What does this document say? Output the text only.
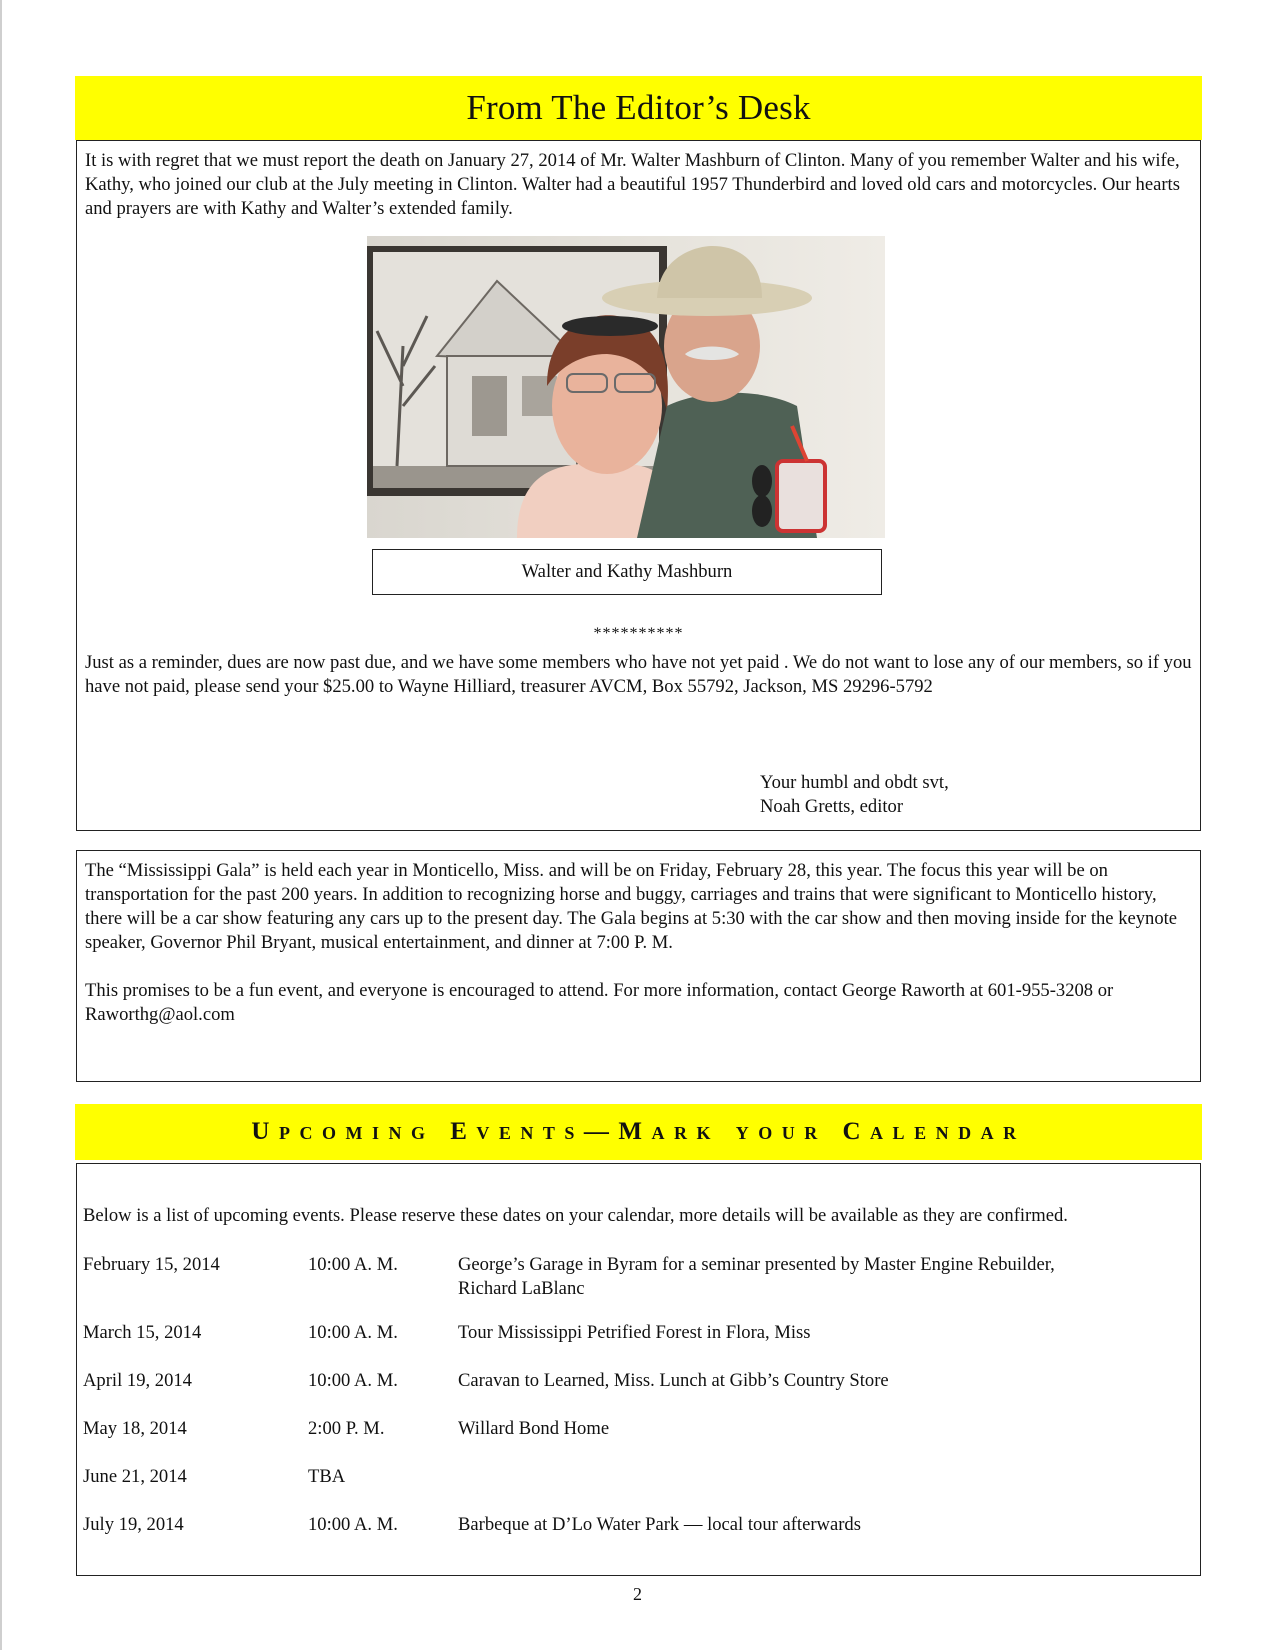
From The Editor’s Desk
It is with regret that we must report the death on January 27, 2014 of Mr. Walter Mashburn of Clinton. Many of you remember Walter and his wife, Kathy, who joined our club at the July meeting in Clinton. Walter had a beautiful 1957 Thunderbird and loved old cars and motorcycles. Our hearts and prayers are with Kathy and Walter’s extended family.
Walter and Kathy Mashburn
**********
Just as a reminder, dues are now past due, and we have some members who have not yet paid . We do not want to lose any of our members, so if you have not paid, please send your $25.00 to Wayne Hilliard, treasurer AVCM, Box 55792, Jackson, MS 29296-5792
Your humbl and obdt svt,
Noah Gretts, editor
The “Mississippi Gala” is held each year in Monticello, Miss. and will be on Friday, February 28, this year. The focus this year will be on transportation for the past 200 years. In addition to recognizing horse and buggy, carriages and trains that were significant to Monticello history, there will be a car show featuring any cars up to the present day. The Gala begins at 5:30 with the car show and then moving inside for the keynote speaker, Governor Phil Bryant, musical entertainment, and dinner at 7:00 P. M.
This promises to be a fun event, and everyone is encouraged to attend. For more information, contact George Raworth at 601-955-3208 or Raworthg@aol.com
Upcoming Events—Mark your Calendar
Below is a list of upcoming events. Please reserve these dates on your calendar, more details will be available as they are confirmed.
February 15, 2014	10:00 A. M.	George’s Garage in Byram for a seminar presented by Master Engine Rebuilder, Richard LaBlanc
March 15, 2014	10:00 A. M.	Tour Mississippi Petrified Forest in Flora, Miss
April 19, 2014	10:00 A. M.	Caravan to Learned, Miss. Lunch at Gibb’s Country Store
May 18, 2014	2:00 P. M.	Willard Bond Home
June 21, 2014	TBA
July 19, 2014	10:00 A. M.	Barbeque at D’Lo Water Park — local tour afterwards
2
